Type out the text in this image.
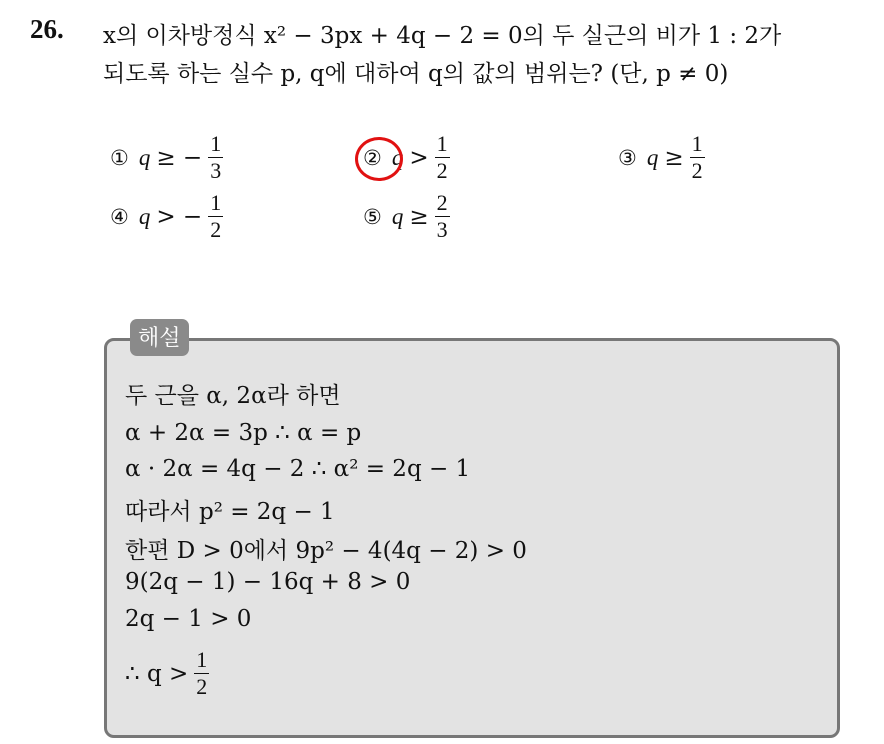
26. x의 이차방정식 x² − 3px + 4q − 2 = 0의 두 실근의 비가 1 : 2가
되도록 하는 실수 p, q에 대하여 q의 값의 범위는? (단, p ≠ 0)
① q ≥ − $\frac{1}{3}$	② $q > \frac{1}{2}$	③ $q \ge \frac{1}{2}$
④ q > − $\frac{1}{2}$	⑤ $q \ge \frac{2}{3}$
해설
두 근을 α, 2α라 하면
α + 2α = 3p ∴ α = p
α · 2α = 4q − 2 ∴ α² = 2q − 1
따라서 p² = 2q − 1
한편 D > 0에서 9p² − 4(4q − 2) > 0
9(2q − 1) − 16q + 8 > 0
2q − 1 > 0
∴ $q > \frac{1}{2}$
